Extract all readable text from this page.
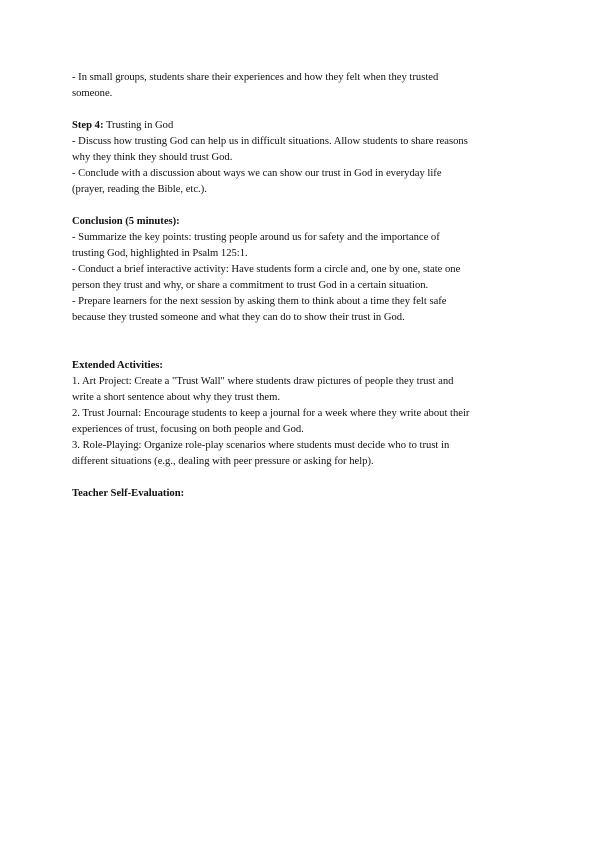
- In small groups, students share their experiences and how they felt when they trusted
someone.
Step 4: Trusting in God
- Discuss how trusting God can help us in difficult situations. Allow students to share reasons
why they think they should trust God.
- Conclude with a discussion about ways we can show our trust in God in everyday life
(prayer, reading the Bible, etc.).
Conclusion (5 minutes):
- Summarize the key points: trusting people around us for safety and the importance of
trusting God, highlighted in Psalm 125:1.
- Conduct a brief interactive activity: Have students form a circle and, one by one, state one
person they trust and why, or share a commitment to trust God in a certain situation.
- Prepare learners for the next session by asking them to think about a time they felt safe
because they trusted someone and what they can do to show their trust in God.
Extended Activities:
1. Art Project: Create a "Trust Wall" where students draw pictures of people they trust and
write a short sentence about why they trust them.
2. Trust Journal: Encourage students to keep a journal for a week where they write about their
experiences of trust, focusing on both people and God.
3. Role-Playing: Organize role-play scenarios where students must decide who to trust in
different situations (e.g., dealing with peer pressure or asking for help).
Teacher Self-Evaluation:
